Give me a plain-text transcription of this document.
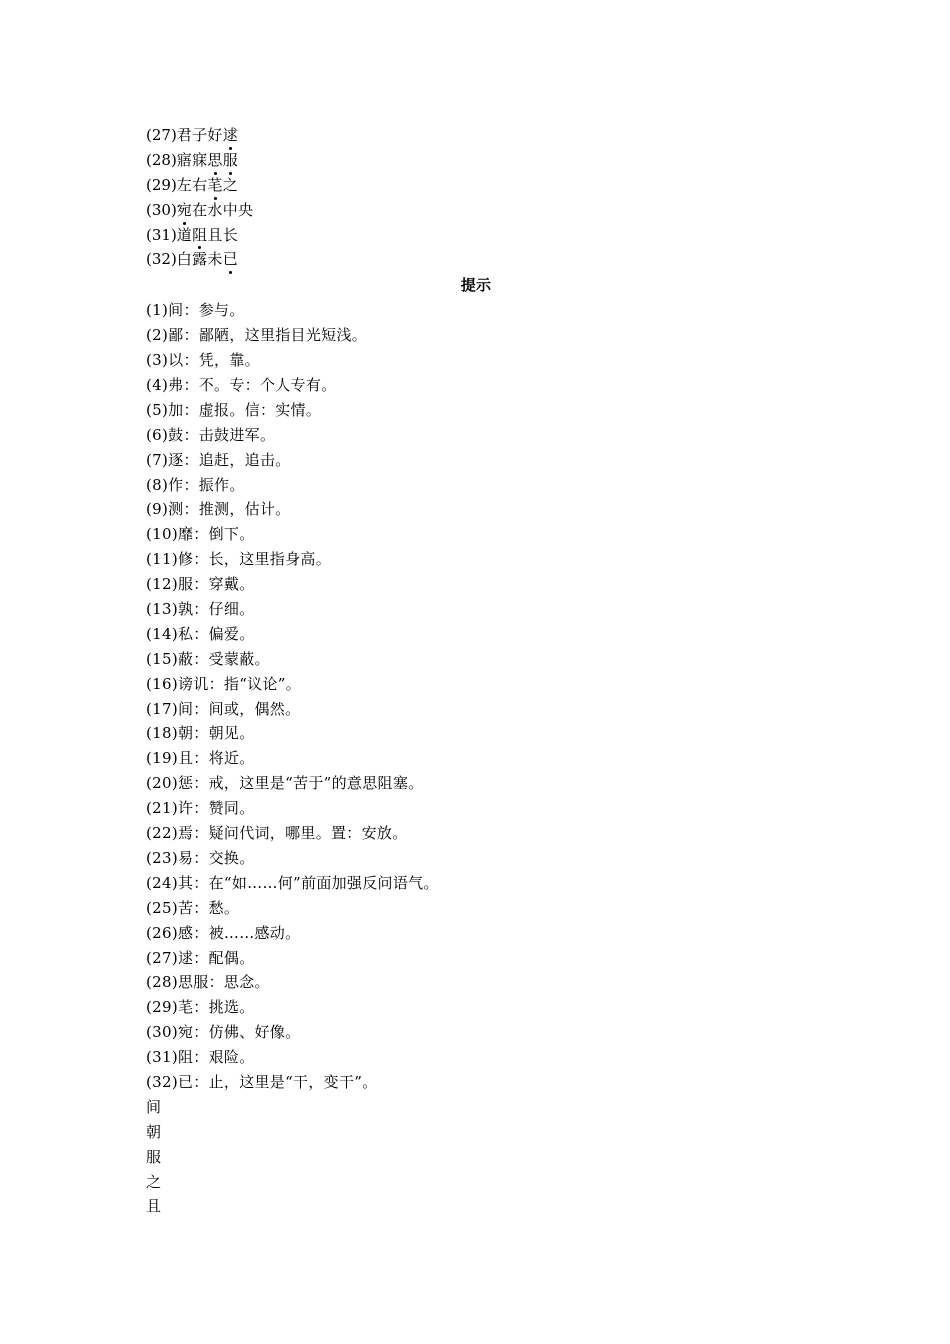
(27)君子好逑
(28)寤寐思服
(29)左右芼之
(30)宛在水中央
(31)道阻且长
(32)白露未已
提示
(1)间：参与。
(2)鄙：鄙陋，这里指目光短浅。
(3)以：凭，靠。
(4)弗：不。专：个人专有。
(5)加：虚报。信：实情。
(6)鼓：击鼓进军。
(7)逐：追赶，追击。
(8)作：振作。
(9)测：推测，估计。
(10)靡：倒下。
(11)修：长，这里指身高。
(12)服：穿戴。
(13)孰：仔细。
(14)私：偏爱。
(15)蔽：受蒙蔽。
(16)谤讥：指“议论”。
(17)间：间或，偶然。
(18)朝：朝见。
(19)且：将近。
(20)惩：戒，这里是“苦于”的意思阻塞。
(21)许：赞同。
(22)焉：疑问代词，哪里。置：安放。
(23)易：交换。
(24)其：在“如……何”前面加强反问语气。
(25)苦：愁。
(26)感：被……感动。
(27)逑：配偶。
(28)思服：思念。
(29)芼：挑选。
(30)宛：仿佛、好像。
(31)阻：艰险。
(32)已：止，这里是“干，变干”。
间
朝
服
之
且
